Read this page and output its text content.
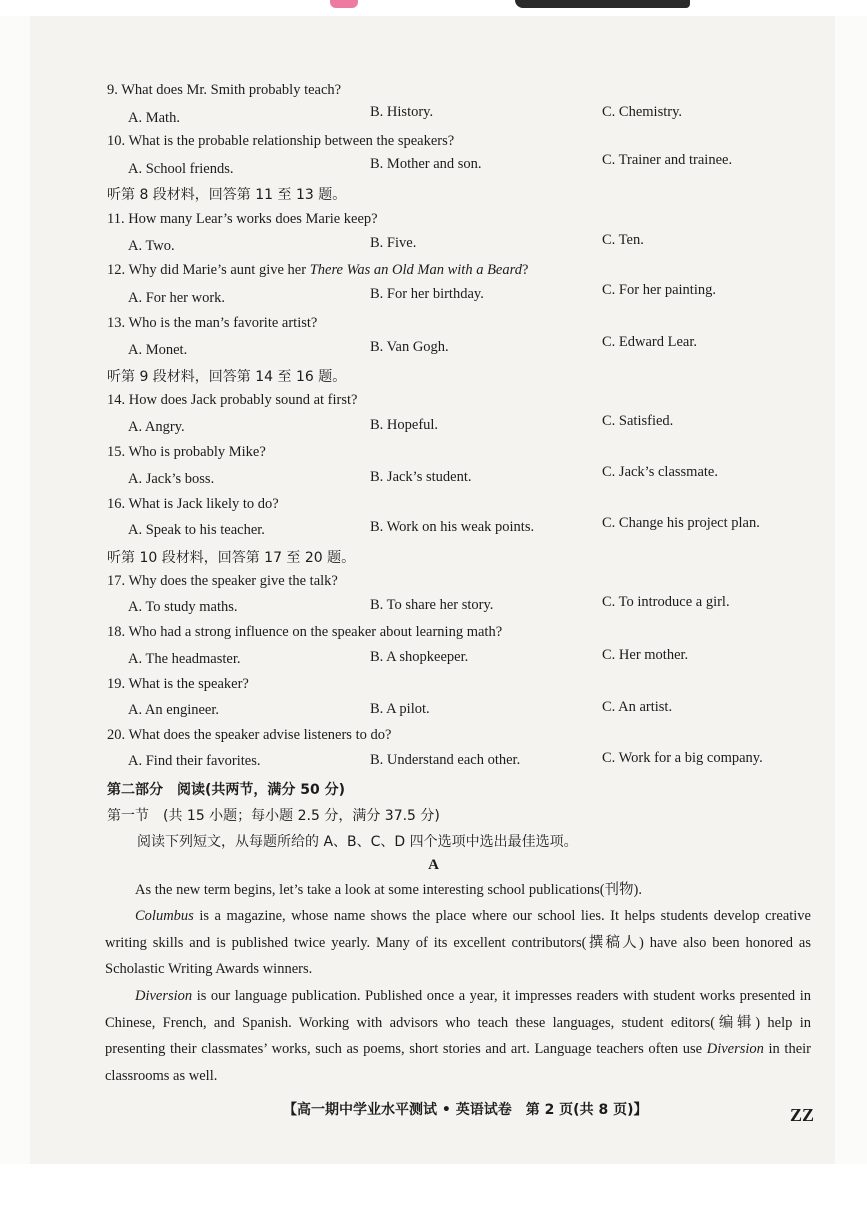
9. What does Mr. Smith probably teach?
A. Math.	B. History.	C. Chemistry.
10. What is the probable relationship between the speakers?
A. School friends.	B. Mother and son.	C. Trainer and trainee.
听第 8 段材料，回答第 11 至 13 题。
11. How many Lear’s works does Marie keep?
A. Two.	B. Five.	C. Ten.
12. Why did Marie’s aunt give her There Was an Old Man with a Beard?
A. For her work.	B. For her birthday.	C. For her painting.
13. Who is the man’s favorite artist?
A. Monet.	B. Van Gogh.	C. Edward Lear.
听第 9 段材料，回答第 14 至 16 题。
14. How does Jack probably sound at first?
A. Angry.	B. Hopeful.	C. Satisfied.
15. Who is probably Mike?
A. Jack’s boss.	B. Jack’s student.	C. Jack’s classmate.
16. What is Jack likely to do?
A. Speak to his teacher.	B. Work on his weak points.	C. Change his project plan.
听第 10 段材料，回答第 17 至 20 题。
17. Why does the speaker give the talk?
A. To study maths.	B. To share her story.	C. To introduce a girl.
18. Who had a strong influence on the speaker about learning math?
A. The headmaster.	B. A shopkeeper.	C. Her mother.
19. What is the speaker?
A. An engineer.	B. A pilot.	C. An artist.
20. What does the speaker advise listeners to do?
A. Find their favorites.	B. Understand each other.	C. Work for a big company.
第二部分　阅读(共两节，满分 50 分)
第一节　(共 15 小题；每小题 2.5 分，满分 37.5 分)
阅读下列短文，从每题所给的 A、B、C、D 四个选项中选出最佳选项。
A
As the new term begins, let’s take a look at some interesting school publications(刊物).
Columbus is a magazine, whose name shows the place where our school lies. It helps students develop creative writing skills and is published twice yearly. Many of its excellent contributors(撰稿人) have also been honored as Scholastic Writing Awards winners.
Diversion is our language publication. Published once a year, it impresses readers with student works presented in Chinese, French, and Spanish. Working with advisors who teach these languages, student editors(编辑) help in presenting their classmates’ works, such as poems, short stories and art. Language teachers often use Diversion in their classrooms as well.
【高一期中学业水平测试 • 英语试卷　第 2 页(共 8 页)】	ZZ
